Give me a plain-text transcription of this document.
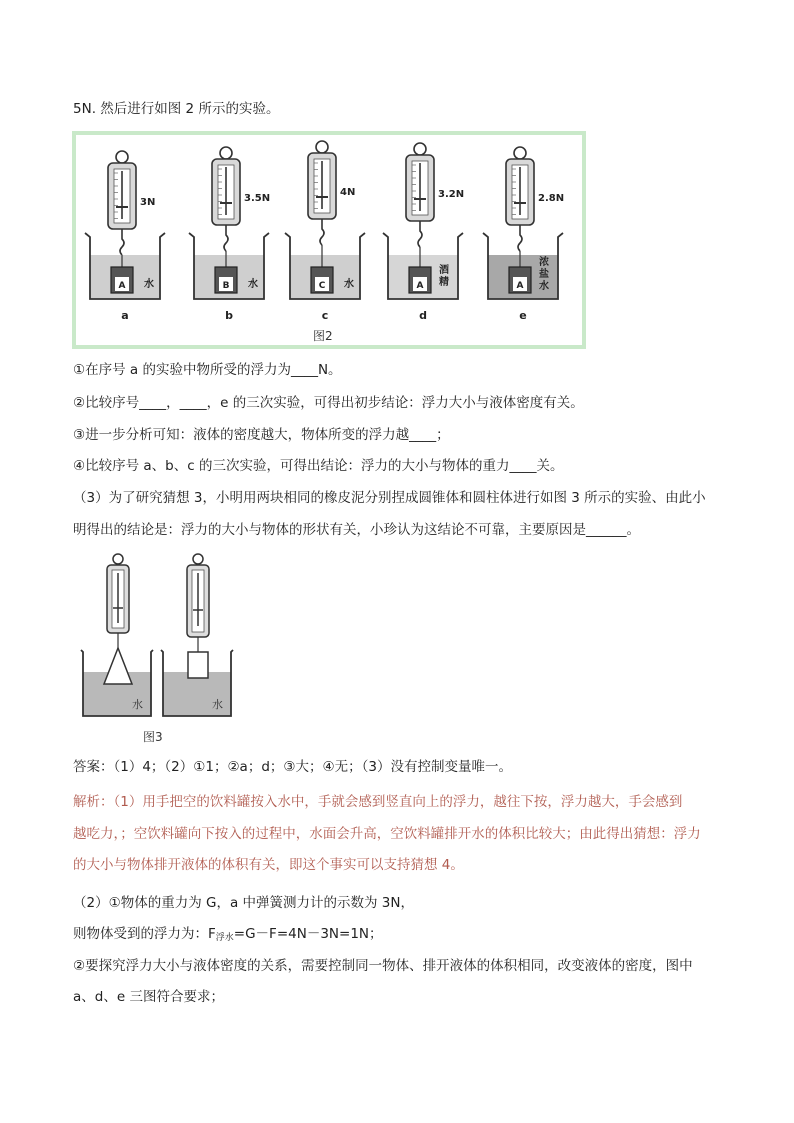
5N. 然后进行如图 2 所示的实验。
3N
A 水
a
3.5N
B 水
b
4N
C 水
c
3.2N
A
酒
精
d
2.8N
A
浓
盐
水
e
图2
①在序号 a 的实验中物所受的浮力为____N。
②比较序号____，____，e 的三次实验，可得出初步结论：浮力大小与液体密度有关。
③进一步分析可知：液体的密度越大，物体所变的浮力越____；
④比较序号 a、b、c 的三次实验，可得出结论：浮力的大小与物体的重力____关。
（3）为了研究猜想 3，小明用两块相同的橡皮泥分别捏成圆锥体和圆柱体进行如图 3 所示的实验、由此小
明得出的结论是：浮力的大小与物体的形状有关，小珍认为这结论不可靠，主要原因是______。
水	水
图3
答案：（1）4；（2）①1；②a；d；③大；④无；（3）没有控制变量唯一。
解析：（1）用手把空的饮料罐按入水中，手就会感到竖直向上的浮力，越往下按，浮力越大，手会感到
越吃力，；空饮料罐向下按入的过程中，水面会升高，空饮料罐排开水的体积比较大；由此得出猜想：浮力
的大小与物体排开液体的体积有关，即这个事实可以支持猜想 4。
（2）①物体的重力为 G，a 中弹簧测力计的示数为 3N，
则物体受到的浮力为：$F_{浮水}=G-F=4N-3N=1N$；
②要探究浮力大小与液体密度的关系，需要控制同一物体、排开液体的体积相同，改变液体的密度，图中
a、d、e 三图符合要求；
